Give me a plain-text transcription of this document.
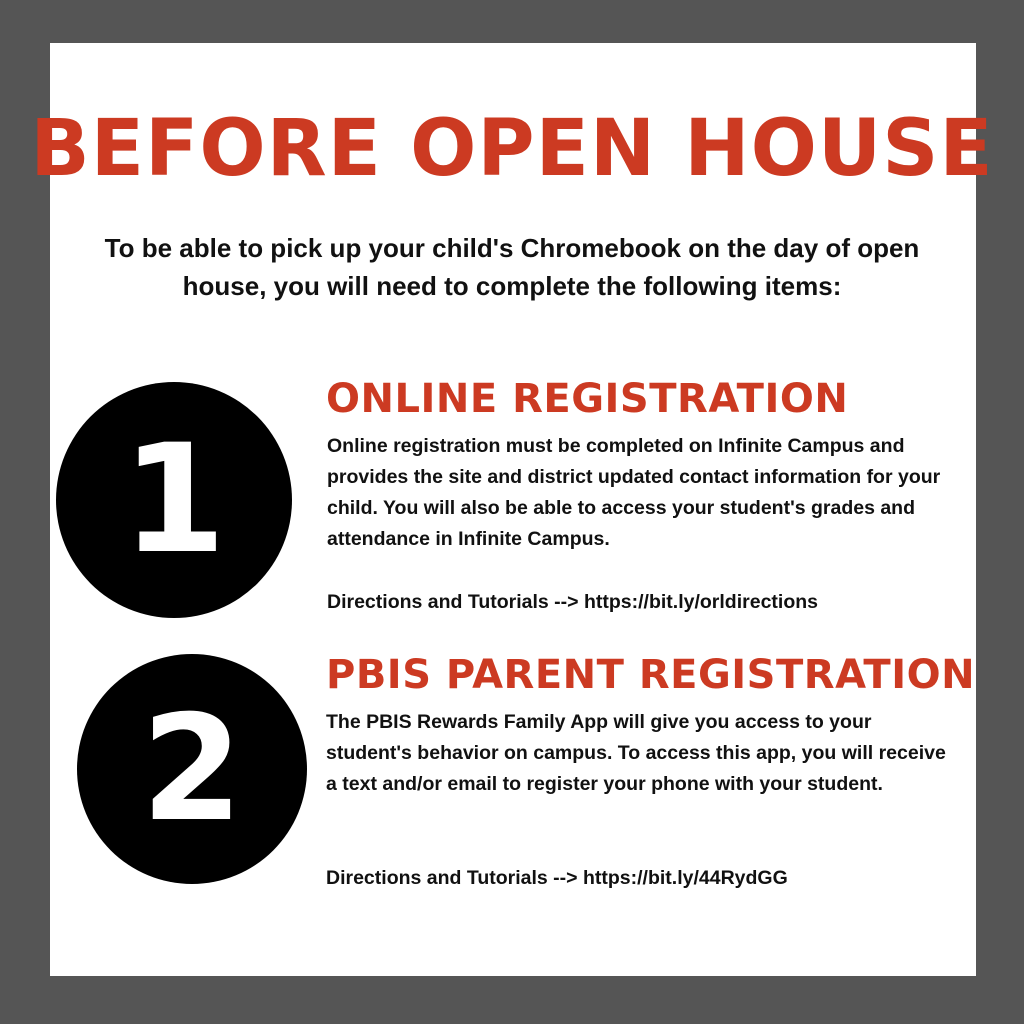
BEFORE OPEN HOUSE

To be able to pick up your child's Chromebook on the day of open house, you will need to complete the following items:

1
ONLINE REGISTRATION

Online registration must be completed on Infinite Campus and provides the site and district updated contact information for your child. You will also be able to access your student's grades and attendance in Infinite Campus.

Directions and Tutorials --> https://bit.ly/orldirections

2
PBIS PARENT REGISTRATION

The PBIS Rewards Family App will give you access to your student's behavior on campus. To access this app, you will receive a text and/or email to register your phone with your student.

Directions and Tutorials --> https://bit.ly/44RydGG
